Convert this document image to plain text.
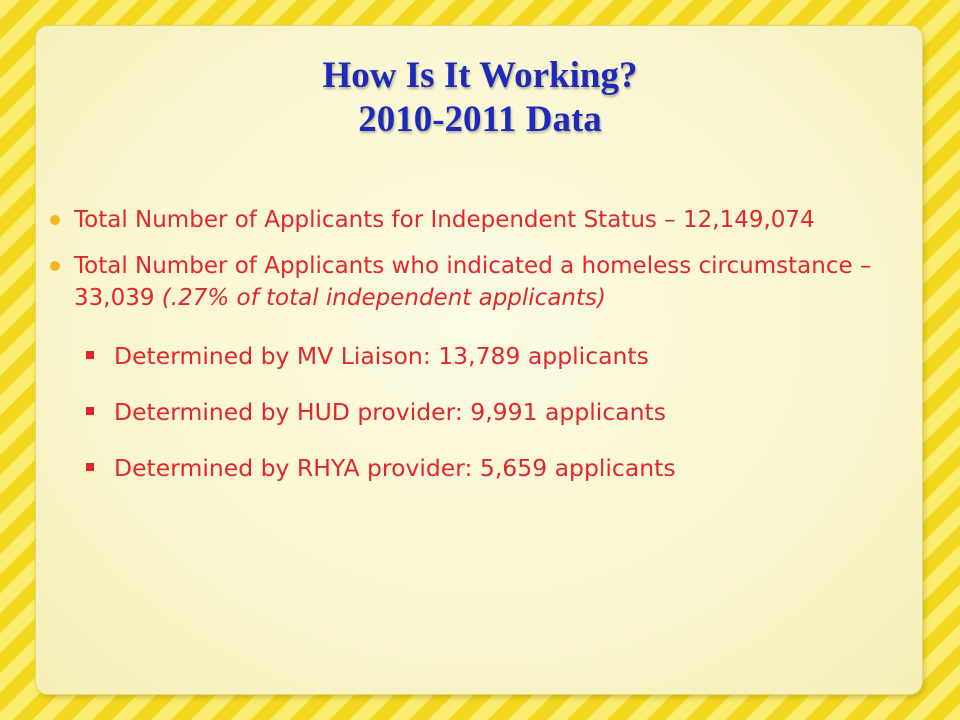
How Is It Working?
2010-2011 Data
Total Number of Applicants for Independent Status – 12,149,074
Total Number of Applicants who indicated a homeless circumstance – 33,039 (.27% of total independent applicants)
Determined by MV Liaison: 13,789 applicants
Determined by HUD provider: 9,991 applicants
Determined by RHYA provider: 5,659 applicants
